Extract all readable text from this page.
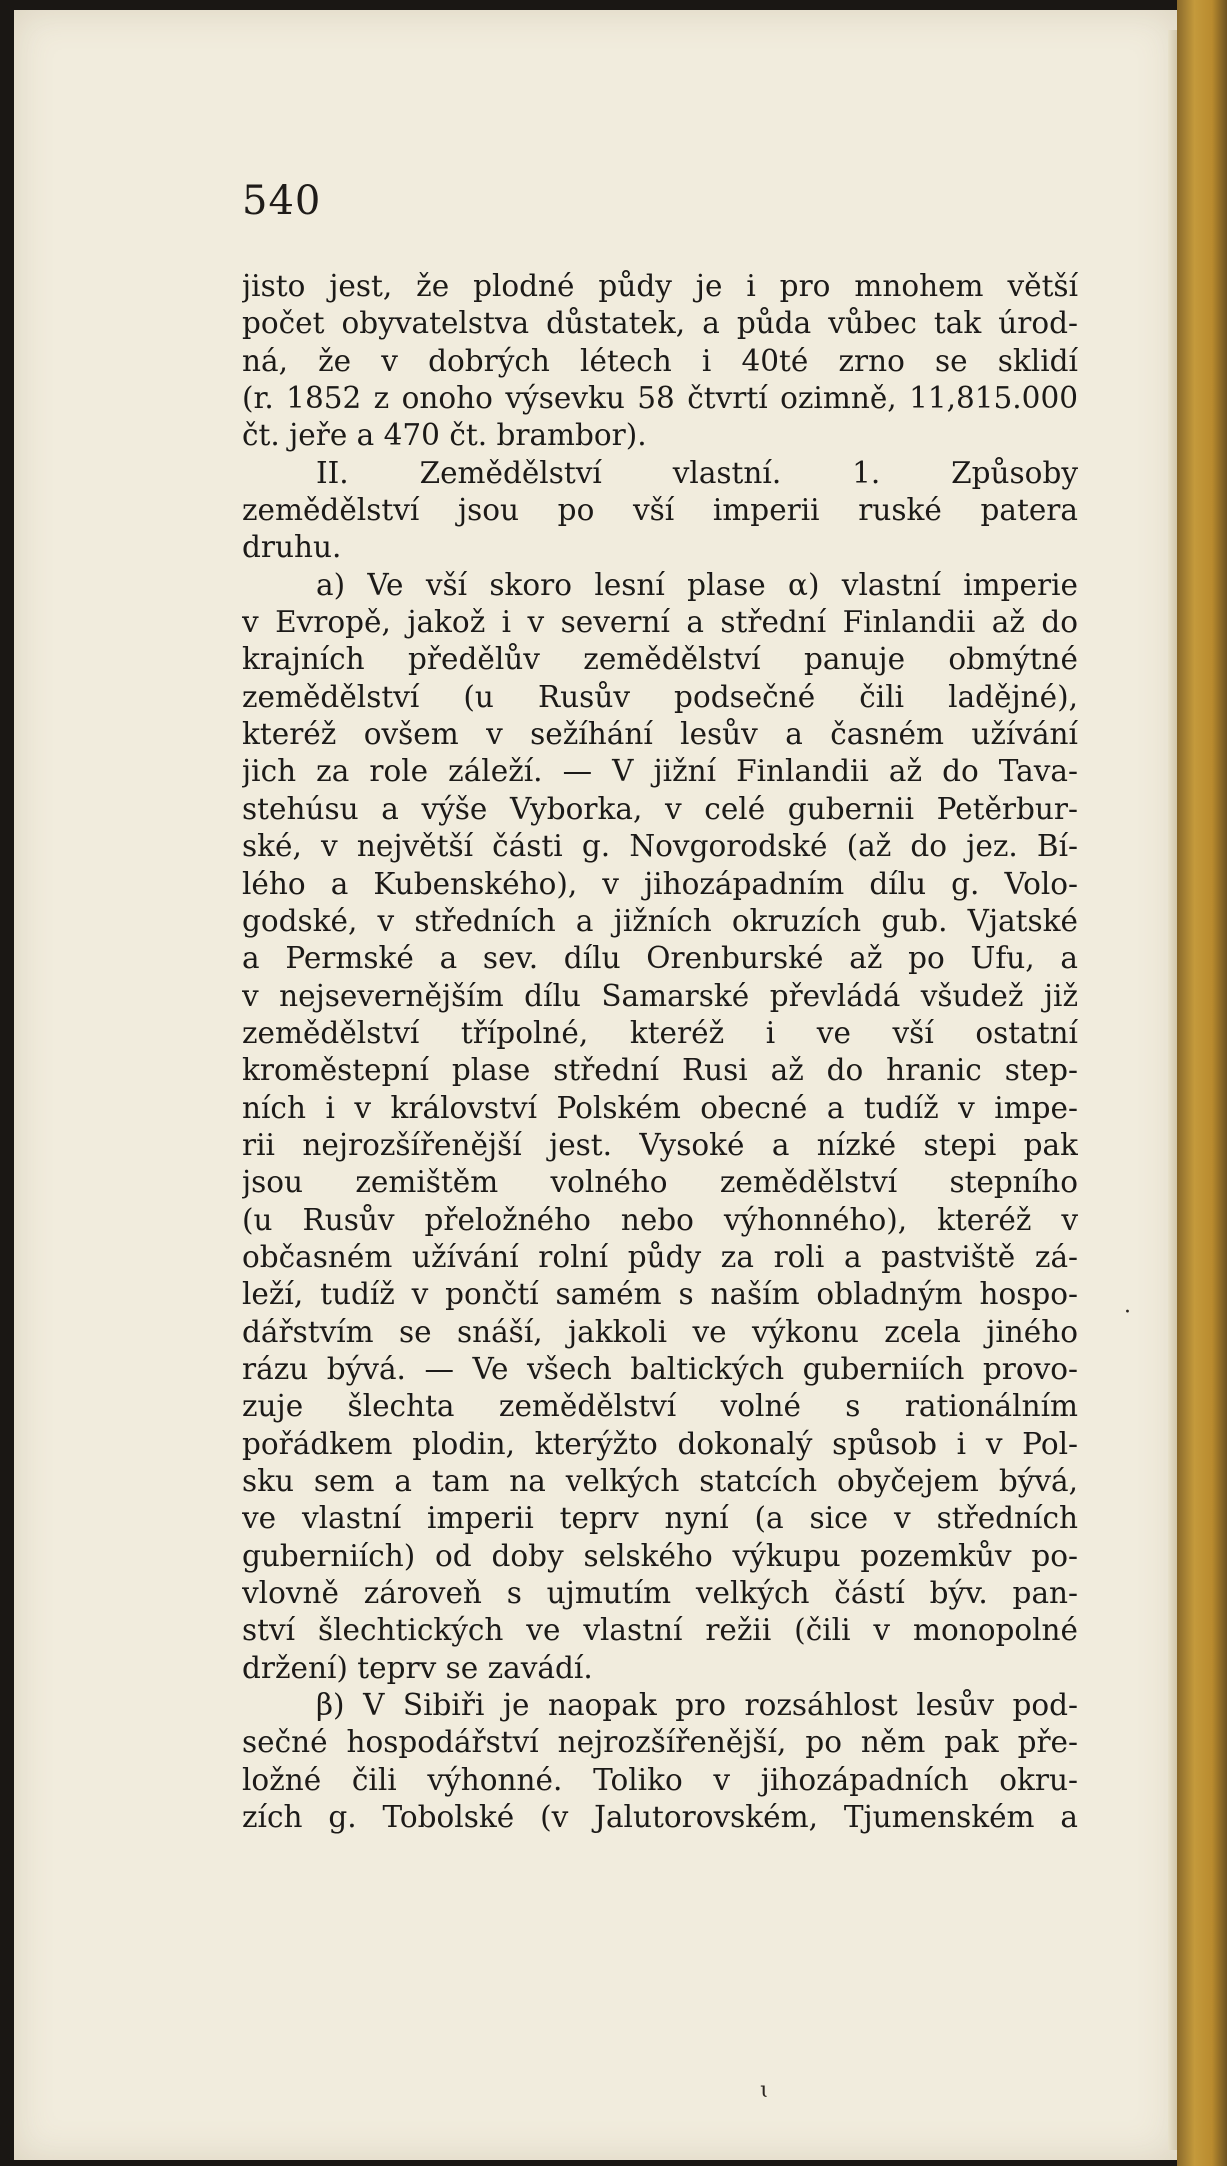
540
jisto jest, že plodné půdy je i pro mnohem větší
počet obyvatelstva důstatek, a půda vůbec tak úrod-
ná, že v dobrých létech i 40té zrno se sklidí
(r. 1852 z onoho výsevku 58 čtvrtí ozimně, 11,815.000
čt. jeře a 470 čt. brambor).
II. Zemědělství vlastní. 1. Způsoby
zemědělství jsou po vší imperii ruské patera
druhu.
a) Ve vší skoro lesní plase α) vlastní imperie
v Evropě, jakož i v severní a střední Finlandii až do
krajních předělův zemědělství panuje obmýtné
zemědělství (u Rusův podsečné čili ladějné),
kteréž ovšem v sežíhání lesův a časném užívání
jich za role záleží. — V jižní Finlandii až do Tava-
stehúsu a výše Vyborka, v celé gubernii Petěrbur-
ské, v největší části g. Novgorodské (až do jez. Bí-
lého a Kubenského), v jihozápadním dílu g. Volo-
godské, v středních a jižních okruzích gub. Vjatské
a Permské a sev. dílu Orenburské až po Ufu, a
v nejsevernějším dílu Samarské převládá všudež již
zemědělství třípolné, kteréž i ve vší ostatní
kroměstepní plase střední Rusi až do hranic step-
ních i v království Polském obecné a tudíž v impe-
rii nejrozšířenější jest. Vysoké a nízké stepi pak
jsou zemištěm volného zemědělství stepního
(u Rusův přeložného nebo výhonného), kteréž v
občasném užívání rolní půdy za roli a pastviště zá-
leží, tudíž v pončtí samém s naším obladným hospo-
dářstvím se snáší, jakkoli ve výkonu zcela jiného
rázu bývá. — Ve všech baltických guberniích provo-
zuje šlechta zemědělství volné s rationálním
pořádkem plodin, kterýžto dokonalý spůsob i v Pol-
sku sem a tam na velkých statcích obyčejem bývá,
ve vlastní imperii teprv nyní (a sice v středních
guberniích) od doby selského výkupu pozemkův po-
vlovně zároveň s ujmutím velkých částí býv. pan-
ství šlechtických ve vlastní režii (čili v monopolné
držení) teprv se zavádí.
β) V Sibiři je naopak pro rozsáhlost lesův pod-
sečné hospodářství nejrozšířenější, po něm pak pře-
ložné čili výhonné. Toliko v jihozápadních okru-
zích g. Tobolské (v Jalutorovském, Tjumenském a
·
ɩ
